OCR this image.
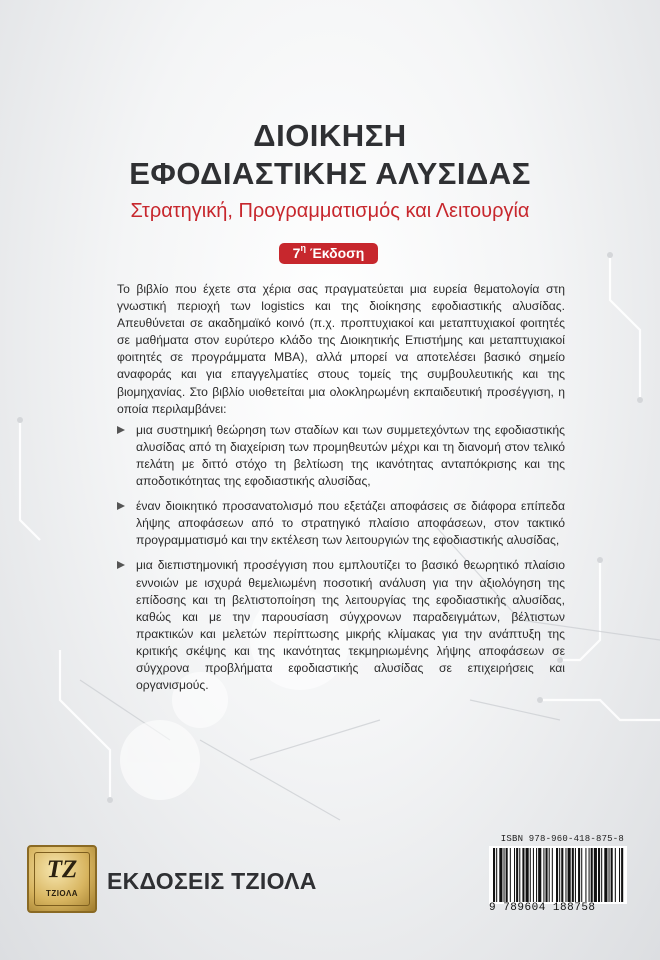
ΔΙΟΙΚΗΣΗ
ΕΦΟΔΙΑΣΤΙΚΗΣ ΑΛΥΣΙΔΑΣ
Στρατηγική, Προγραμματισμός και Λειτουργία
$7^\eta$ Έκδοση

Το βιβλίο που έχετε στα χέρια σας πραγματεύεται μια ευρεία θεματολογία στη γνωστική περιοχή των logistics και της διοίκησης εφοδιαστικής αλυσίδας. Απευθύνεται σε ακαδημαϊκό κοινό (π.χ. προπτυχιακοί και μεταπτυχιακοί φοιτητές σε μαθήματα στον ευρύτερο κλάδο της Διοικητικής Επιστήμης και μεταπτυχιακοί φοιτητές σε προγράμματα MBA), αλλά μπορεί να αποτελέσει βασικό σημείο αναφοράς και για επαγγελματίες στους τομείς της συμβουλευτικής και της βιομηχανίας. Στο βιβλίο υιοθετείται μια ολοκληρωμένη εκπαιδευτική προσέγγιση, η οποία περιλαμβάνει:

μια συστημική θεώρηση των σταδίων και των συμμετεχόντων της εφοδιαστικής αλυσίδας από τη διαχείριση των προμηθευτών μέχρι και τη διανομή στον τελικό πελάτη με διττό στόχο τη βελτίωση της ικανότητας ανταπόκρισης και της αποδοτικότητας της εφοδιαστικής αλυσίδας,
έναν διοικητικό προσανατολισμό που εξετάζει αποφάσεις σε διάφορα επίπεδα λήψης αποφάσεων από το στρατηγικό πλαίσιο αποφάσεων, στον τακτικό προγραμματισμό και την εκτέλεση των λειτουργιών της εφοδιαστικής αλυσίδας,
μια διεπιστημονική προσέγγιση που εμπλουτίζει το βασικό θεωρητικό πλαίσιο εννοιών με ισχυρά θεμελιωμένη ποσοτική ανάλυση για την αξιολόγηση της επίδοσης και τη βελτιστοποίηση της λειτουργίας της εφοδιαστικής αλυσίδας, καθώς και με την παρουσίαση σύγχρονων παραδειγμάτων, βέλτιστων πρακτικών και μελετών περίπτωσης μικρής κλίμακας για την ανάπτυξη της κριτικής σκέψης και της ικανότητας τεκμηριωμένης λήψης αποφάσεων σε σύγχρονα προβλήματα εφοδιαστικής αλυσίδας σε επιχειρήσεις και οργανισμούς.
ΤΖ
ΤΖΙΟΛΑ	ΕΚΔΟΣΕΙΣ ΤΖΙΟΛΑ
ISBN 978-960-418-875-8
9 789604 188758
